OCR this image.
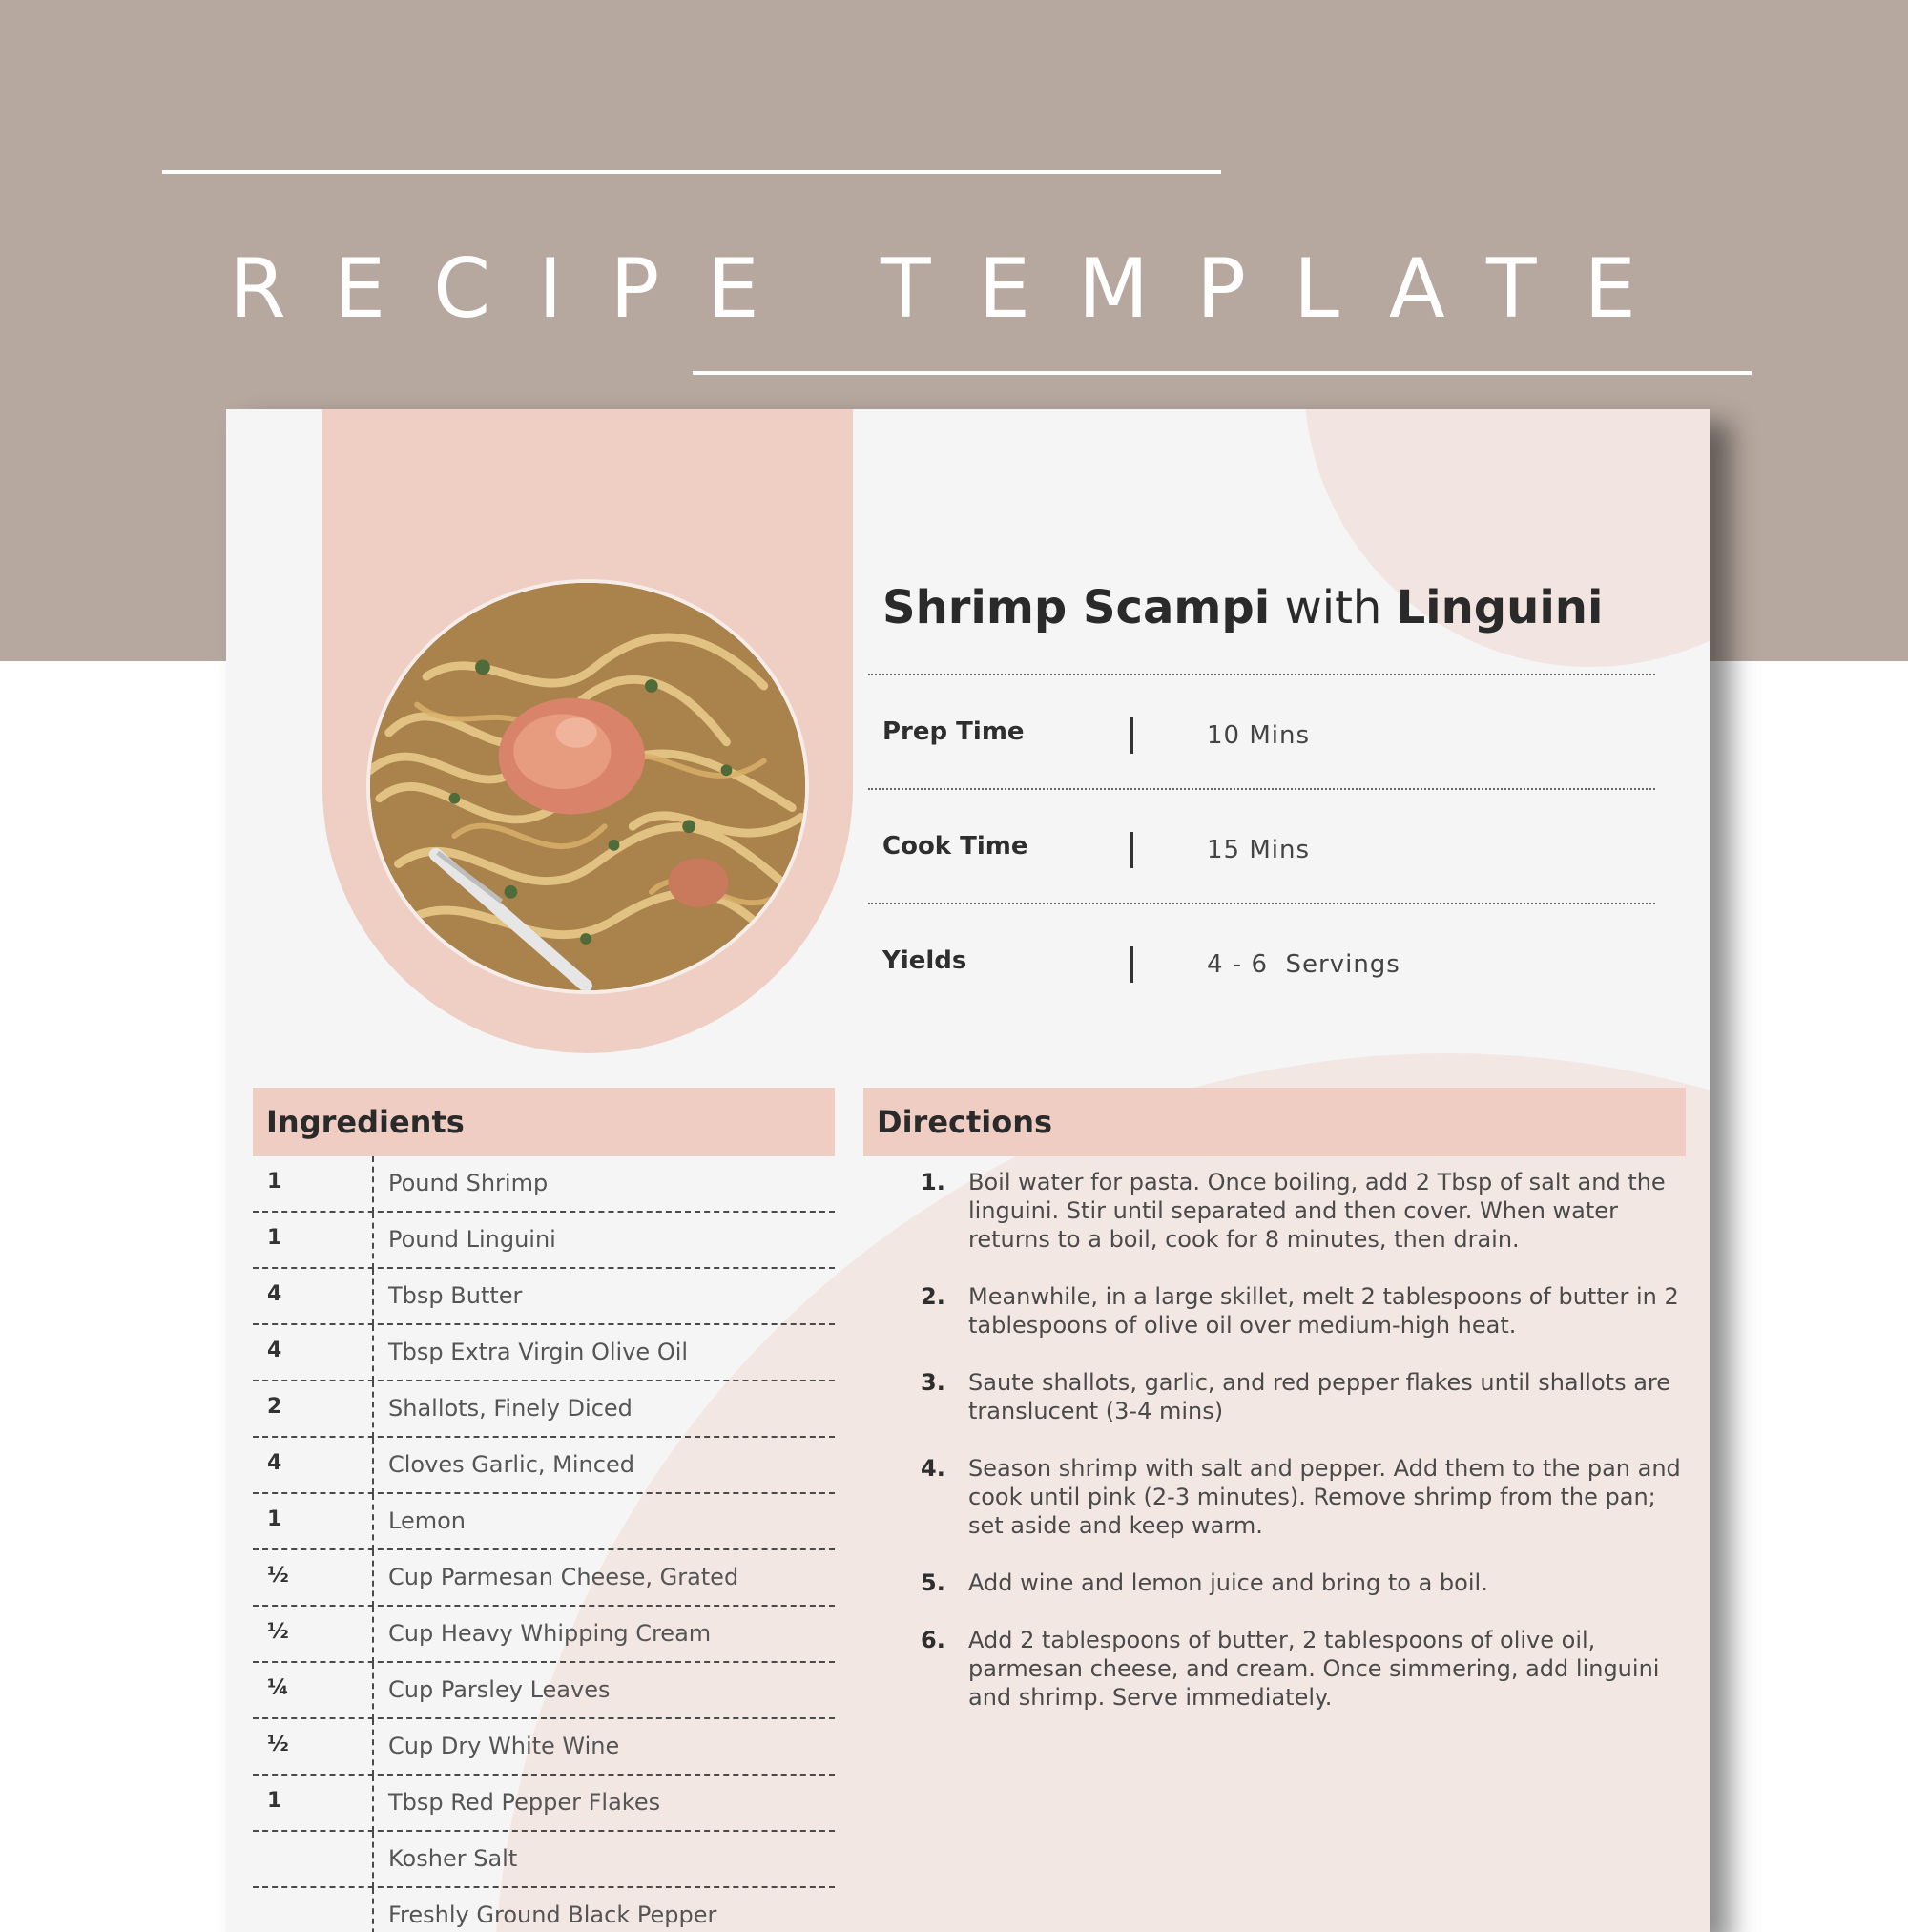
RECIPE TEMPLATE
Shrimp Scampi with Linguini
Prep Time	10 Mins
Cook Time	15 Mins
Yields	4 - 6  Servings
Ingredients	Directions
1	Pound Shrimp
1	Pound Linguini
4	Tbsp Butter
4	Tbsp Extra Virgin Olive Oil
2	Shallots, Finely Diced
4	Cloves Garlic, Minced
1	Lemon
½	Cup Parmesan Cheese, Grated
½	Cup Heavy Whipping Cream
¼	Cup Parsley Leaves
½	Cup Dry White Wine
1	Tbsp Red Pepper Flakes
Kosher Salt
Freshly Ground Black Pepper
1. Boil water for pasta. Once boiling, add 2 Tbsp of salt and the linguini. Stir until separated and then cover. When water returns to a boil, cook for 8 minutes, then drain.
2. Meanwhile, in a large skillet, melt 2 tablespoons of butter in 2 tablespoons of olive oil over medium-high heat.
3. Saute shallots, garlic, and red pepper flakes until shallots are translucent (3-4 mins)
4. Season shrimp with salt and pepper. Add them to the pan and cook until pink (2-3 minutes). Remove shrimp from the pan; set aside and keep warm.
5. Add wine and lemon juice and bring to a boil.
6. Add 2 tablespoons of butter, 2 tablespoons of olive oil, parmesan cheese, and cream. Once simmering, add linguini and shrimp. Serve immediately.
